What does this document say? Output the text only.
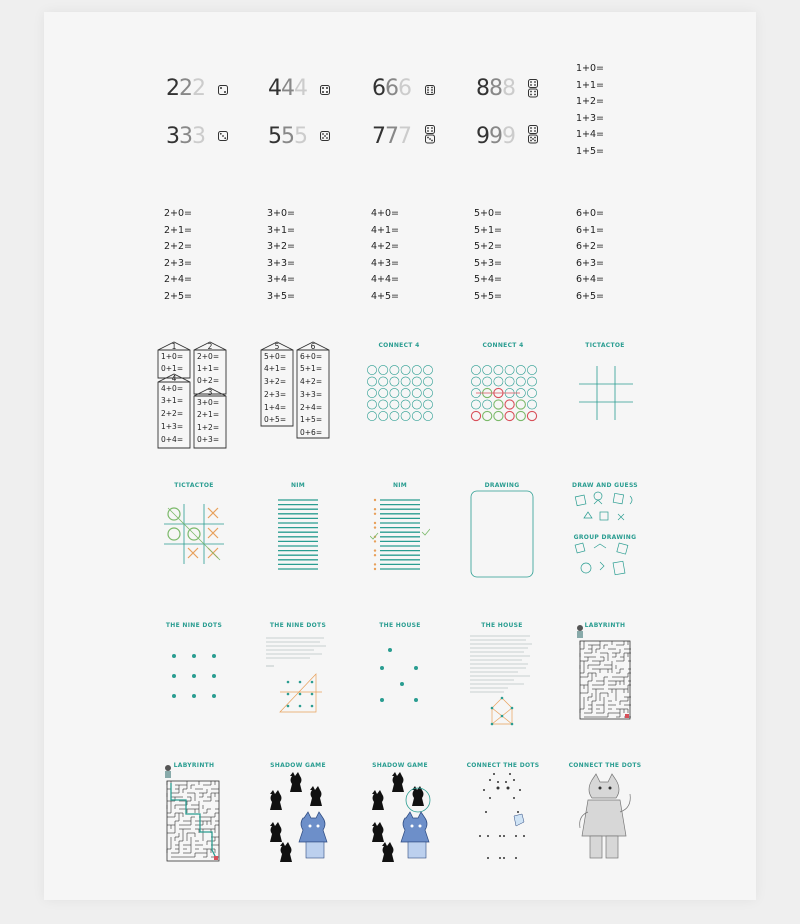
222	444	666	888
333	555	777	999
1+0=
1+1=
1+2=
1+3=
1+4=
1+5=
2+0=
2+1=
2+2=
2+3=
2+4=
2+5=
3+0=
3+1=
3+2=
3+3=
3+4=
3+5=
4+0=
4+1=
4+2=
4+3=
4+4=
4+5=
5+0=
5+1=
5+2=
5+3=
5+4=
5+5=
6+0=
6+1=
6+2=
6+3=
6+4=
6+5=
1
1+0=
0+1=
2
2+0=
1+1=
0+2=
4
4+0=
3+1=
2+2=
1+3=
0+4=
3
3+0=
2+1=
1+2=
0+3=
5
5+0=
4+1=
3+2=
2+3=
1+4=
0+5=
6
6+0=
5+1=
4+2=
3+3=
2+4=
1+5=
0+6=
CONNECT 4	CONNECT 4	TICTACTOE
TICTACTOE	NIM	NIM	DRAWING	DRAW AND GUESS
GROUP DRAWING
THE NINE DOTS	THE NINE DOTS	THE HOUSE	THE HOUSE	LABYRINTH
LABYRINTH	SHADOW GAME	SHADOW GAME	CONNECT THE DOTS	CONNECT THE DOTS
